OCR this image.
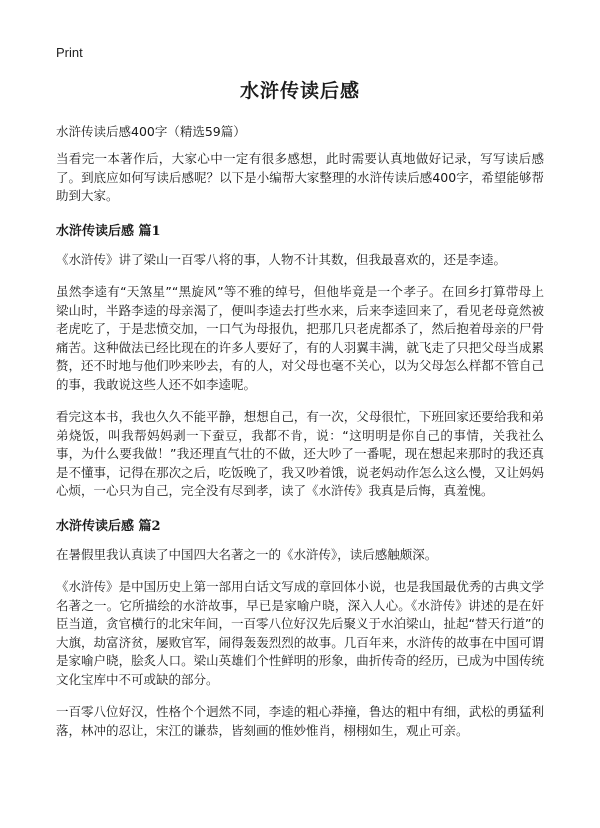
Print
水浒传读后感
水浒传读后感400字（精选59篇）

当看完一本著作后，大家心中一定有很多感想，此时需要认真地做好记录，写写读后感了。到底应如何写读后感呢？以下是小编帮大家整理的水浒传读后感400字，希望能够帮助到大家。

水浒传读后感 篇1

《水浒传》讲了梁山一百零八将的事，人物不计其数，但我最喜欢的，还是李逵。

虽然李逵有“天煞星”“黑旋风”等不雅的绰号，但他毕竟是一个孝子。在回乡打算带母上梁山时，半路李逵的母亲渴了，便叫李逵去打些水来，后来李逵回来了，看见老母竟然被老虎吃了，于是悲愤交加，一口气为母报仇，把那几只老虎都杀了，然后抱着母亲的尸骨痛苦。这种做法已经比现在的许多人要好了，有的人羽翼丰满，就飞走了只把父母当成累赘，还不时地与他们吵来吵去，有的人，对父母也毫不关心，以为父母怎么样都不管自己的事，我敢说这些人还不如李逵呢。

看完这本书，我也久久不能平静，想想自己，有一次，父母很忙，下班回家还要给我和弟弟烧饭，叫我帮妈妈剥一下蚕豆，我都不肯，说：“这明明是你自己的事情，关我社么事，为什么要我做！”我还理直气壮的不做，还大吵了一番呢，现在想起来那时的我还真是不懂事，记得在那次之后，吃饭晚了，我又吵着饿，说老妈动作怎么这么慢，又让妈妈心烦，一心只为自己，完全没有尽到孝，读了《水浒传》我真是后悔，真羞愧。

水浒传读后感 篇2

在暑假里我认真读了中国四大名著之一的《水浒传》，读后感触颇深。

《水浒传》是中国历史上第一部用白话文写成的章回体小说，也是我国最优秀的古典文学名著之一。它所描绘的水浒故事，早已是家喻户晓，深入人心。《水浒传》讲述的是在奸臣当道，贪官横行的北宋年间，一百零八位好汉先后聚义于水泊梁山，扯起“替天行道”的大旗，劫富济贫，屡败官军，闹得轰轰烈烈的故事。几百年来，水浒传的故事在中国可谓是家喻户晓，脍炙人口。梁山英雄们个性鲜明的形象，曲折传奇的经历，已成为中国传统文化宝库中不可或缺的部分。

一百零八位好汉，性格个个迥然不同，李逵的粗心莽撞，鲁达的粗中有细，武松的勇猛利落，林冲的忍让，宋江的谦恭，皆刻画的惟妙惟肖，栩栩如生，观止可亲。
